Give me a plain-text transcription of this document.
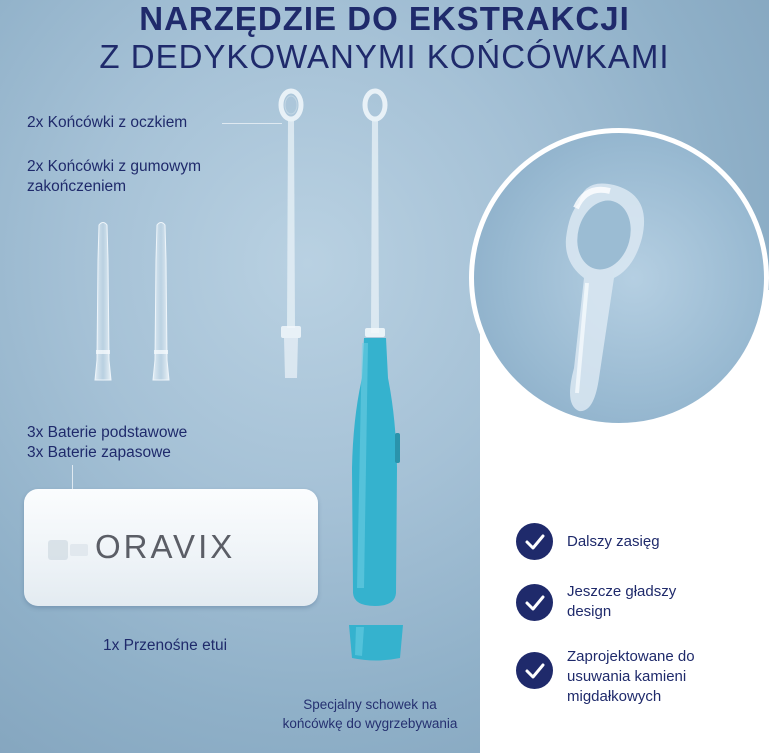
NARZĘDZIE DO EKSTRAKCJI
Z DEDYKOWANYMI KOŃCÓWKAMI
2x Końcówki z oczkiem
2x Końcówki z gumowym
zakończeniem
3x Baterie podstawowe
3x Baterie zapasowe
Specjalny schowek na
końcówkę do wygrzebywania
ORAVIX
1x Przenośne etui
Dalszy zasięg
Jeszcze gładszy design
Zaprojektowane do usuwania kamieni migdałkowych
